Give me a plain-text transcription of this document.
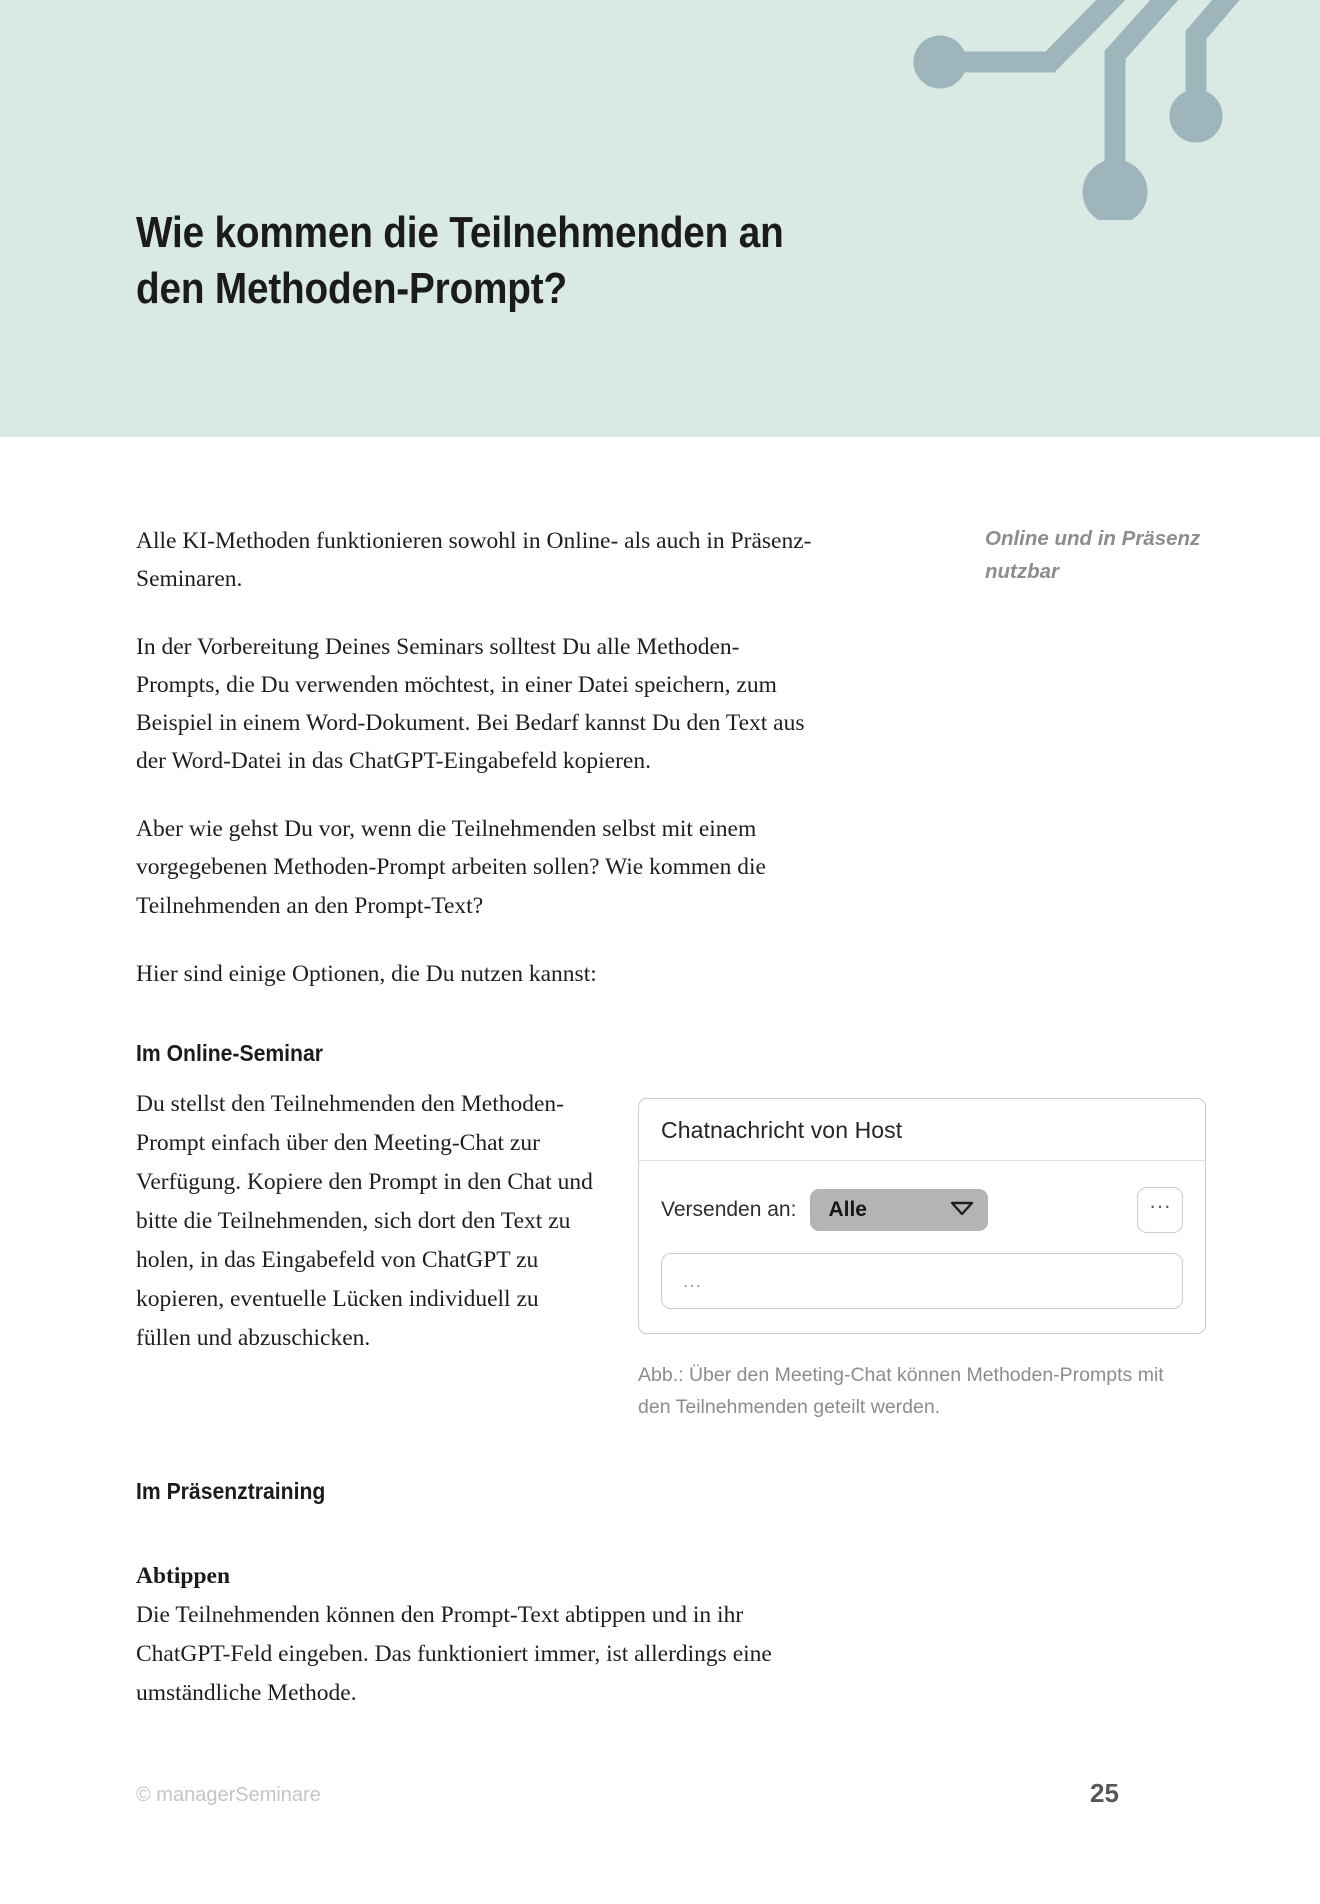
Wie kommen die Teilnehmenden an
den Methoden-Prompt?

Alle KI-Methoden funktionieren sowohl in Online- als auch in Präsenz-Seminaren.

In der Vorbereitung Deines Seminars solltest Du alle Methoden-Prompts, die Du verwenden möchtest, in einer Datei speichern, zum Beispiel in einem Word-Dokument. Bei Bedarf kannst Du den Text aus der Word-Datei in das ChatGPT-Eingabefeld kopieren.

Aber wie gehst Du vor, wenn die Teilnehmenden selbst mit einem vorgegebenen Methoden-Prompt arbeiten sollen? Wie kommen die Teilnehmenden an den Prompt-Text?

Hier sind einige Optionen, die Du nutzen kannst:

Online und in Präsenz nutzbar
Im Online-Seminar
Du stellst den Teilnehmenden den Methoden-Prompt einfach über den Meeting-Chat zur Verfügung. Kopiere den Prompt in den Chat und bitte die Teilnehmenden, sich dort den Text zu holen, in das Eingabefeld von ChatGPT zu kopieren, eventuelle Lücken individuell zu füllen und abzuschicken.
Chatnachricht von Host
Versenden an: Alle	···
…
Abb.: Über den Meeting-Chat können Methoden-Prompts mit den Teilnehmenden geteilt werden.
Im Präsenztraining
Abtippen

Die Teilnehmenden können den Prompt-Text abtippen und in ihr ChatGPT-Feld eingeben. Das funktioniert immer, ist allerdings eine umständliche Methode.

© managerSeminare	25
